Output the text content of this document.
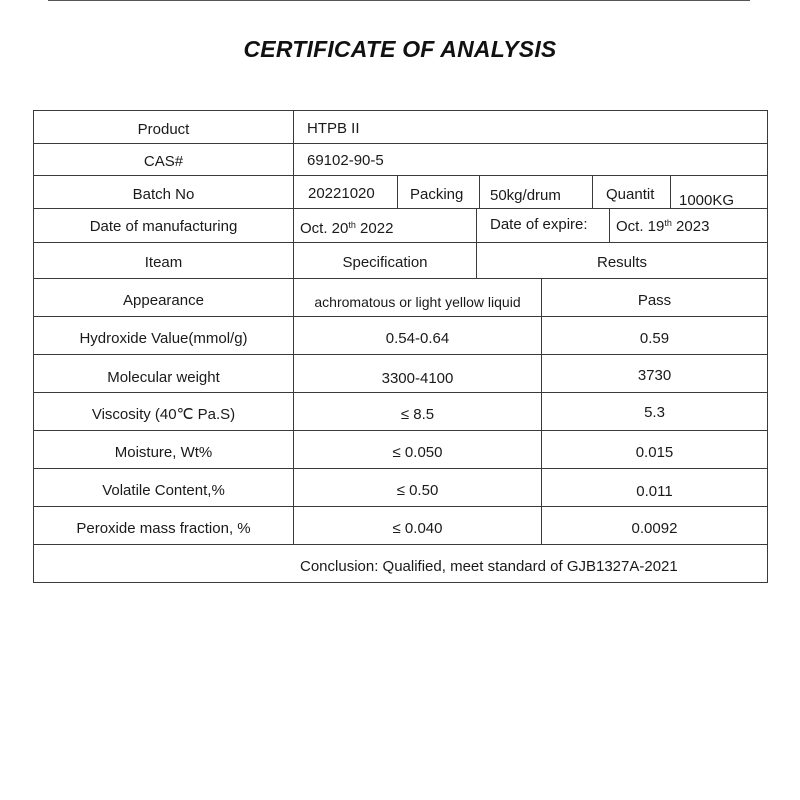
CERTIFICATE OF ANALYSIS
Product	HTPB II
CAS#	69102-90-5
Batch No	20221020 Packing 50kg/drum	Quantit 1000KG
Date of manufacturing	Oct. 20th 2022	Date of expire: Oct. 19th 2023
Iteam	Specification	Results
Appearance	achromatous or light yellow liquid	Pass
Hydroxide Value(mmol/g)	0.54-0.64	0.59
Molecular weight	3300-4100	3730
Viscosity (40℃ Pa.S)	≤ 8.5	5.3
Moisture, Wt%	≤ 0.050	0.015
Volatile Content,%	≤ 0.50	0.011
Peroxide mass fraction, %	≤ 0.040	0.0092
Conclusion: Qualified, meet standard of GJB1327A-2021
